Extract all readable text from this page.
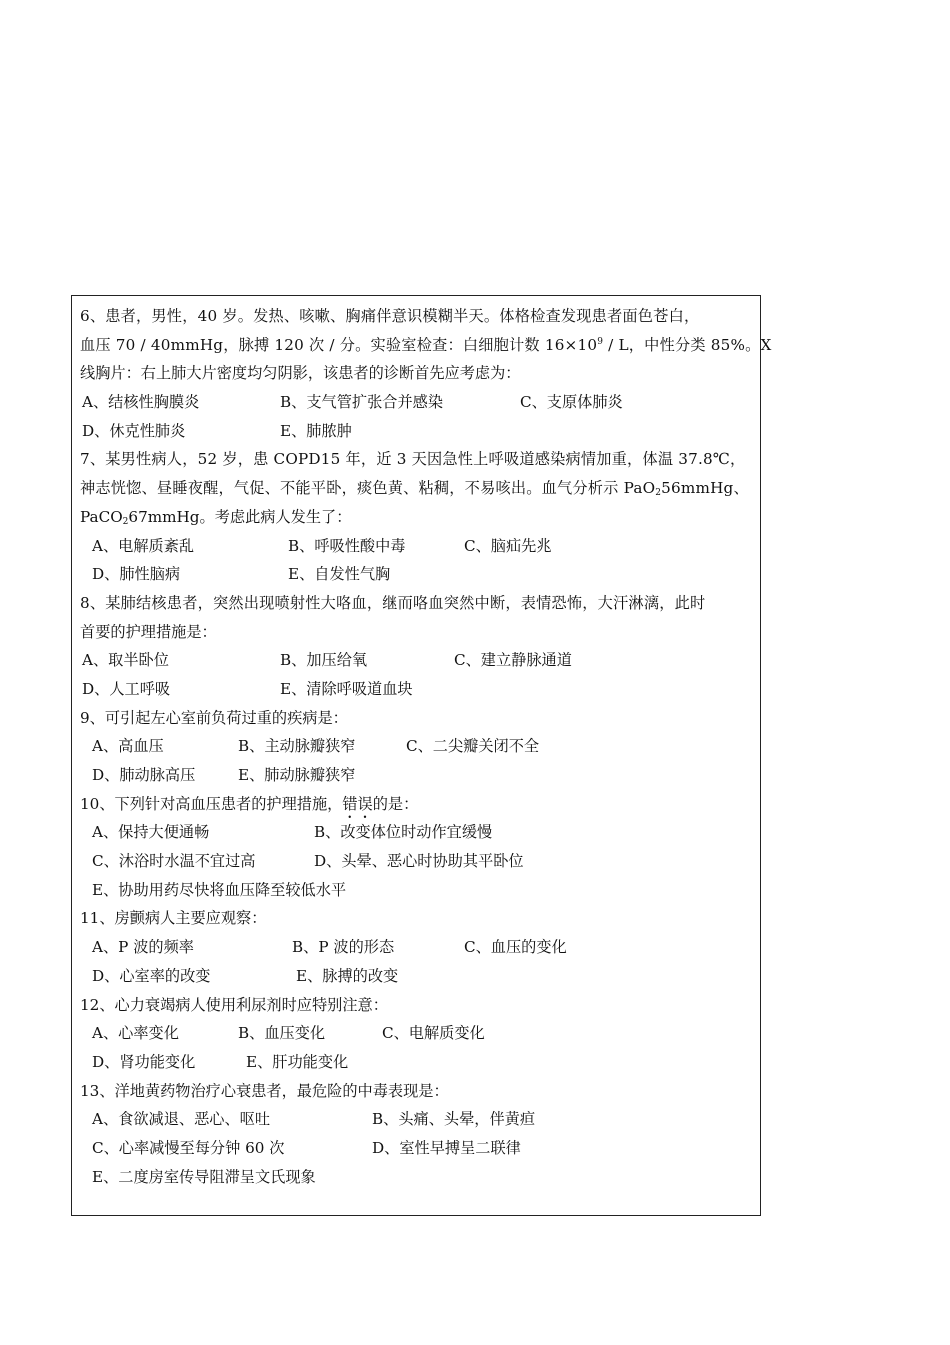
6、患者，男性，40 岁。发热、咳嗽、胸痛伴意识模糊半天。体格检查发现患者面色苍白，
血压 70 / 40mmHg，脉搏 120 次 / 分。实验室检查：白细胞计数 $16\times 10^9 / L$，中性分类 85%。X
线胸片：右上肺大片密度均匀阴影，该患者的诊断首先应考虑为：
A、结核性胸膜炎	B、支气管扩张合并感染	C、支原体肺炎
D、休克性肺炎	E、肺脓肿
7、某男性病人，52 岁，患 COPD15 年，近 3 天因急性上呼吸道感染病情加重，体温 37.8℃，
神志恍惚、昼睡夜醒，气促、不能平卧，痰色黄、粘稠，不易咳出。血气分析示 PaO$_2$56mmHg、
PaCO$_2$67mmHg。考虑此病人发生了：
A、电解质紊乱	B、呼吸性酸中毒	C、脑疝先兆
D、肺性脑病	E、自发性气胸
8、某肺结核患者，突然出现喷射性大咯血，继而咯血突然中断，表情恐怖，大汗淋漓，此时
首要的护理措施是：
A、取半卧位	B、加压给氧	C、建立静脉通道
D、人工呼吸	E、清除呼吸道血块
9、可引起左心室前负荷过重的疾病是：
A、高血压	B、主动脉瓣狭窄	C、二尖瓣关闭不全
D、肺动脉高压	E、肺动脉瓣狭窄
10、下列针对高血压患者的护理措施，错误的是：
A、保持大便通畅	B、改变体位时动作宜缓慢
C、沐浴时水温不宜过高	D、头晕、恶心时协助其平卧位
E、协助用药尽快将血压降至较低水平
11、房颤病人主要应观察：
A、P 波的频率	B、P 波的形态	C、血压的变化
D、心室率的改变	E、脉搏的改变
12、心力衰竭病人使用利尿剂时应特别注意：
A、心率变化	B、血压变化	C、电解质变化
D、肾功能变化	E、肝功能变化
13、洋地黄药物治疗心衰患者，最危险的中毒表现是：
A、食欲减退、恶心、呕吐	B、头痛、头晕，伴黄疸
C、心率减慢至每分钟 60 次	D、室性早搏呈二联律
E、二度房室传导阻滞呈文氏现象
